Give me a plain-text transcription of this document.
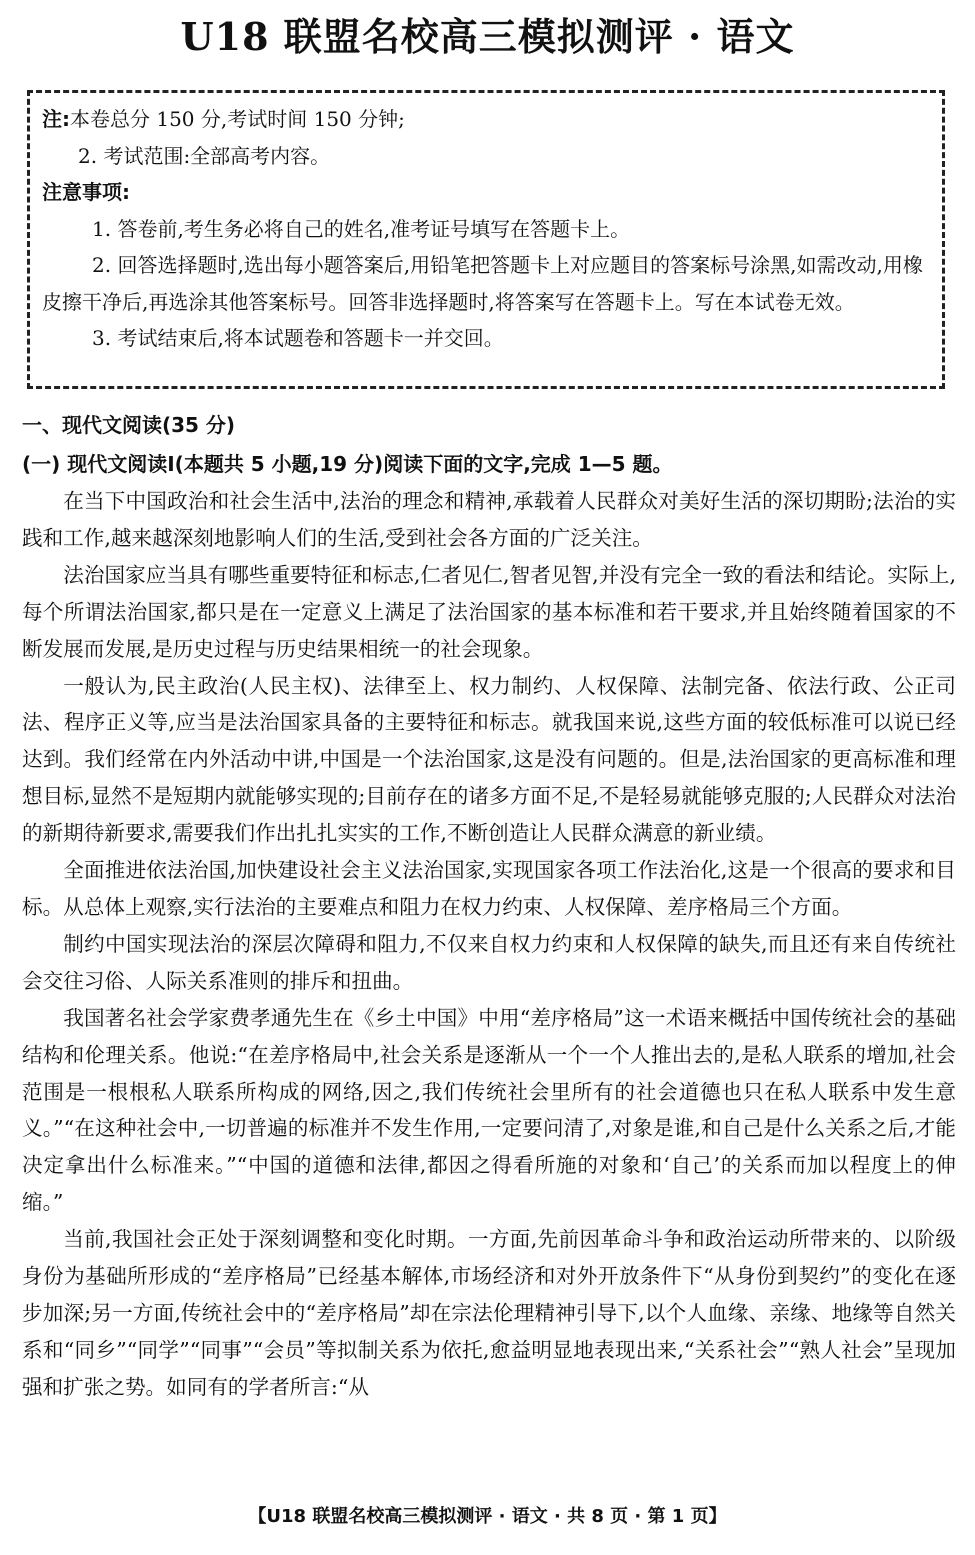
U18 联盟名校高三模拟测评 · 语文

注:本卷总分 150 分,考试时间 150 分钟;

2. 考试范围:全部高考内容。

注意事项:

1. 答卷前,考生务必将自己的姓名,准考证号填写在答题卡上。

2. 回答选择题时,选出每小题答案后,用铅笔把答题卡上对应题目的答案标号涂黑,如需改动,用橡皮擦干净后,再选涂其他答案标号。回答非选择题时,将答案写在答题卡上。写在本试卷无效。

3. 考试结束后,将本试题卷和答题卡一并交回。

一、现代文阅读(35 分)
(一) 现代文阅读I(本题共 5 小题,19 分)阅读下面的文字,完成 1—5 题。

在当下中国政治和社会生活中,法治的理念和精神,承载着人民群众对美好生活的深切期盼;法治的实践和工作,越来越深刻地影响人们的生活,受到社会各方面的广泛关注。

法治国家应当具有哪些重要特征和标志,仁者见仁,智者见智,并没有完全一致的看法和结论。实际上,每个所谓法治国家,都只是在一定意义上满足了法治国家的基本标准和若干要求,并且始终随着国家的不断发展而发展,是历史过程与历史结果相统一的社会现象。

一般认为,民主政治(人民主权)、法律至上、权力制约、人权保障、法制完备、依法行政、公正司法、程序正义等,应当是法治国家具备的主要特征和标志。就我国来说,这些方面的较低标准可以说已经达到。我们经常在内外活动中讲,中国是一个法治国家,这是没有问题的。但是,法治国家的更高标准和理想目标,显然不是短期内就能够实现的;目前存在的诸多方面不足,不是轻易就能够克服的;人民群众对法治的新期待新要求,需要我们作出扎扎实实的工作,不断创造让人民群众满意的新业绩。

全面推进依法治国,加快建设社会主义法治国家,实现国家各项工作法治化,这是一个很高的要求和目标。从总体上观察,实行法治的主要难点和阻力在权力约束、人权保障、差序格局三个方面。

制约中国实现法治的深层次障碍和阻力,不仅来自权力约束和人权保障的缺失,而且还有来自传统社会交往习俗、人际关系准则的排斥和扭曲。

我国著名社会学家费孝通先生在《乡土中国》中用“差序格局”这一术语来概括中国传统社会的基础结构和伦理关系。他说:“在差序格局中,社会关系是逐渐从一个一个人推出去的,是私人联系的增加,社会范围是一根根私人联系所构成的网络,因之,我们传统社会里所有的社会道德也只在私人联系中发生意义。”“在这种社会中,一切普遍的标准并不发生作用,一定要问清了,对象是谁,和自己是什么关系之后,才能决定拿出什么标准来。”“中国的道德和法律,都因之得看所施的对象和‘自己’的关系而加以程度上的伸缩。”

当前,我国社会正处于深刻调整和变化时期。一方面,先前因革命斗争和政治运动所带来的、以阶级身份为基础所形成的“差序格局”已经基本解体,市场经济和对外开放条件下“从身份到契约”的变化在逐步加深;另一方面,传统社会中的“差序格局”却在宗法伦理精神引导下,以个人血缘、亲缘、地缘等自然关系和“同乡”“同学”“同事”“会员”等拟制关系为依托,愈益明显地表现出来,“关系社会”“熟人社会”呈现加强和扩张之势。如同有的学者所言:“从

【U18 联盟名校高三模拟测评 · 语文 · 共 8 页 · 第 1 页】
